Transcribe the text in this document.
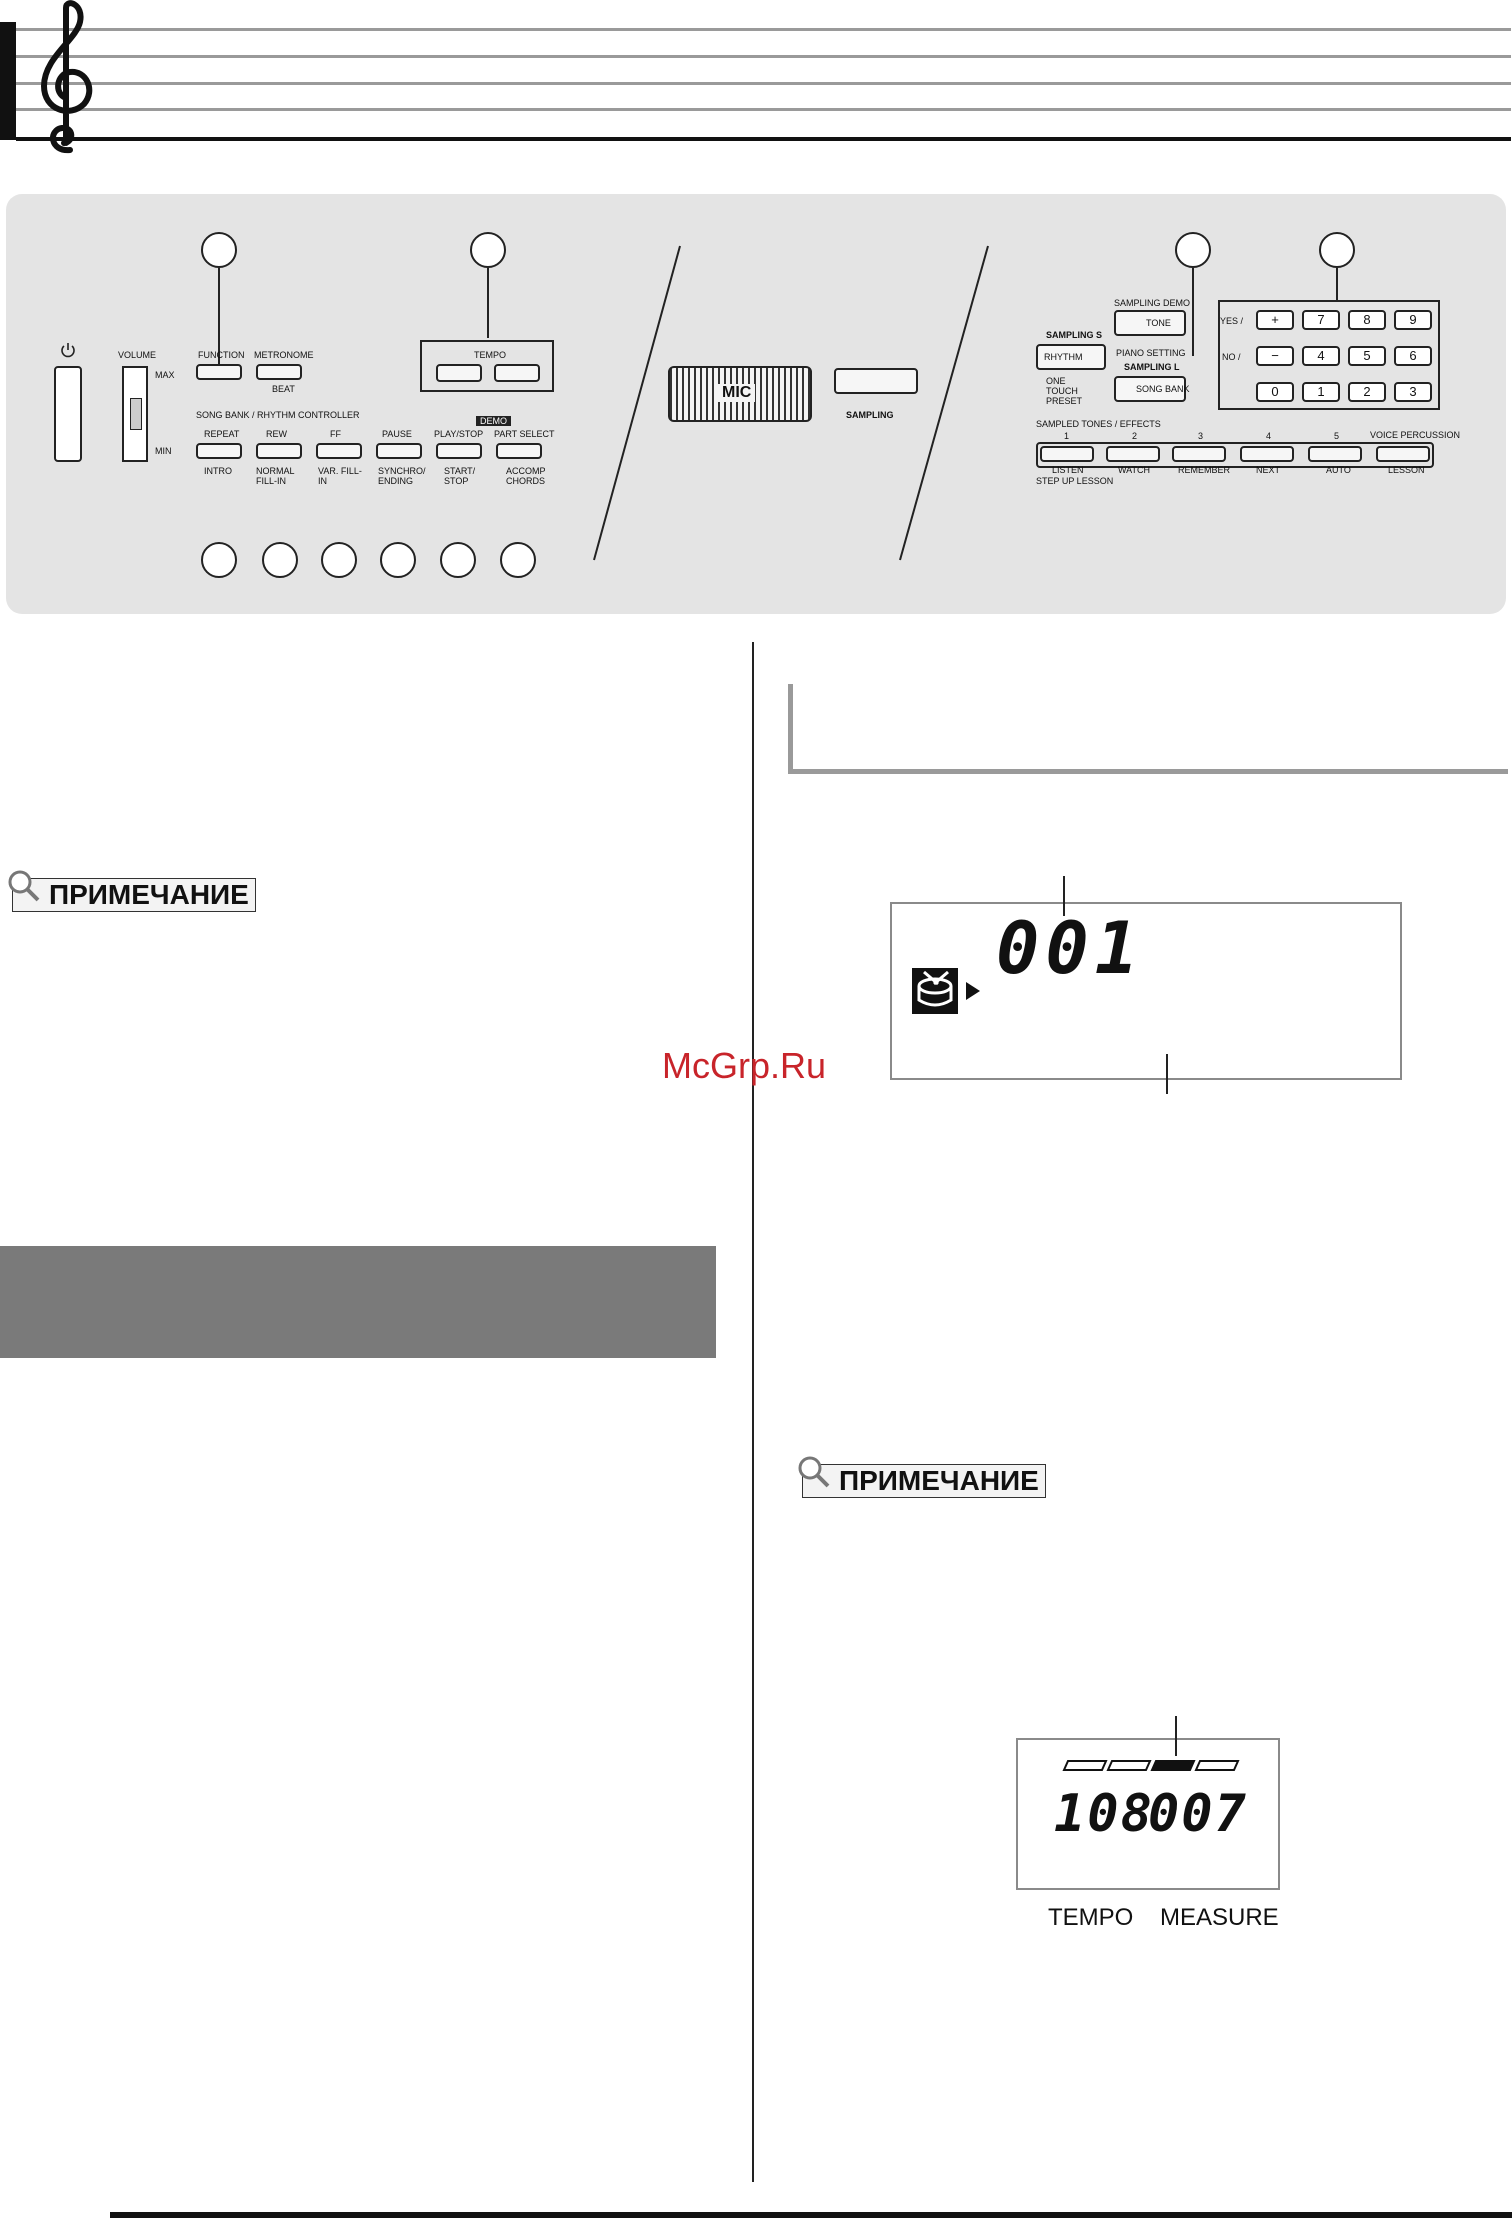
VOLUME
MAX
MIN
FUNCTION METRONOME
BEAT
TEMPO
SONG BANK / RHYTHM CONTROLLER
DEMO
REPEAT	REW	FF	PAUSE PLAY/STOP PART SELECT
INTRO	NORMAL FILL-IN
VAR. FILL-IN
SYNCHRO/ ENDING
START/ STOP
ACCOMP CHORDS
MIC
SAMPLING
SAMPLING DEMO
TONE
PIANO SETTING
SAMPLING S
RHYTHM
SAMPLING L
SONG BANK
ONE TOUCH PRESET
YES /
NO /
+	7	8	9
−	4	5	6
0	1	2	3
SAMPLED TONES / EFFECTS
VOICE PERCUSSION
1	2	3	4	5
LISTEN	WATCH	REMEMBER	NEXT	AUTO	LESSON
STEP UP LESSON
ПРИМЕЧАНИЕ
001
ПРИМЕЧАНИЕ
108
007
TEMPO MEASURE
McGrp.Ru
